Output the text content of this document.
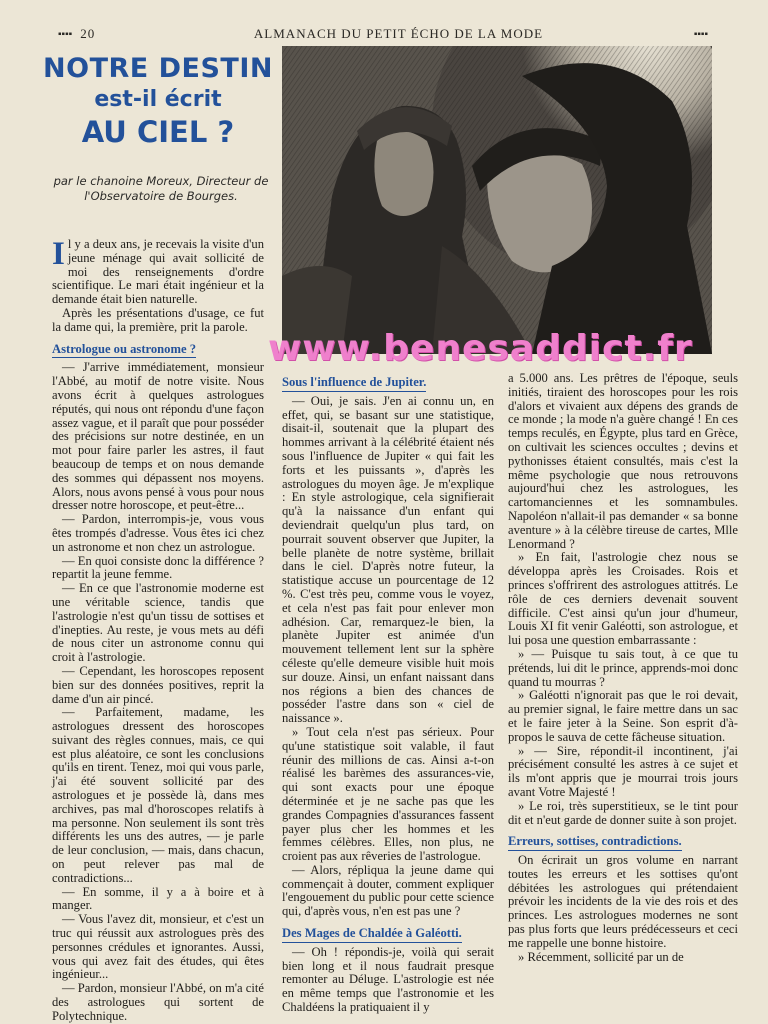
▪▪▪▪ 20	ALMANACH DU PETIT ÉCHO DE LA MODE	▪▪▪▪
NOTRE DESTIN
est-il écrit
AU CIEL ?
par le chanoine Moreux, Directeur de l'Observatoire de Bourges.

Il y a deux ans, je recevais la visite d'un jeune ménage qui avait sollicité de moi des renseignements d'ordre scientifique. Le mari était ingénieur et la demande était bien naturelle.

Après les présentations d'usage, ce fut la dame qui, la première, prit la parole.

Astrologue ou astronome ?

— J'arrive immédiatement, monsieur l'Abbé, au motif de notre visite. Nous avons écrit à quelques astrologues réputés, qui nous ont répondu d'une façon assez vague, et il paraît que pour posséder des précisions sur notre destinée, en un mot pour faire parler les astres, il faut beaucoup de temps et on nous demande des sommes qui dépassent nos moyens. Alors, nous avons pensé à vous pour nous dresser notre horoscope, et peut-être...

— Pardon, interrompis-je, vous vous êtes trompés d'adresse. Vous êtes ici chez un astronome et non chez un astrologue.

— En quoi consiste donc la différence ? repartit la jeune femme.

— En ce que l'astronomie moderne est une véritable science, tandis que l'astrologie n'est qu'un tissu de sottises et d'inepties. Au reste, je vous mets au défi de nous citer un astronome connu qui croit à l'astrologie.

— Cependant, les horoscopes reposent bien sur des données positives, reprit la dame d'un air pincé.

— Parfaitement, madame, les astrologues dressent des horoscopes suivant des règles connues, mais, ce qui est plus aléatoire, ce sont les conclusions qu'ils en tirent. Tenez, moi qui vous parle, j'ai été souvent sollicité par des astrologues et je possède là, dans mes archives, pas mal d'horoscopes relatifs à ma personne. Non seulement ils sont très différents les uns des autres, — je parle de leur conclusion, — mais, dans chacun, on peut relever pas mal de contradictions...

— En somme, il y a à boire et à manger.

— Vous l'avez dit, monsieur, et c'est un truc qui réussit aux astrologues près des personnes crédules et ignorantes. Aussi, vous qui avez fait des études, qui êtes ingénieur...

— Pardon, monsieur l'Abbé, on m'a cité des astrologues qui sortent de Polytechnique.

Sous l'influence de Jupiter.

— Oui, je sais. J'en ai connu un, en effet, qui, se basant sur une statistique, disait-il, soutenait que la plupart des hommes arrivant à la célébrité étaient nés sous l'influence de Jupiter « qui fait les forts et les puissants », d'après les astrologues du moyen âge. Je m'explique : En style astrologique, cela signifierait qu'à la naissance d'un enfant qui deviendrait quelqu'un plus tard, on pourrait souvent observer que Jupiter, la belle planète de notre système, brillait dans le ciel. D'après notre futeur, la statistique accuse un pourcentage de 12 %. C'est très peu, comme vous le voyez, et cela n'est pas fait pour enlever mon adhésion. Car, remarquez-le bien, la planète Jupiter est animée d'un mouvement tellement lent sur la sphère céleste qu'elle demeure visible huit mois sur douze. Ainsi, un enfant naissant dans nos régions a bien des chances de posséder l'astre dans son « ciel de naissance ».

» Tout cela n'est pas sérieux. Pour qu'une statistique soit valable, il faut réunir des millions de cas. Ainsi a-t-on réalisé les barèmes des assurances-vie, qui sont exacts pour une époque déterminée et je ne sache pas que les grandes Compagnies d'assurances fassent payer plus cher les hommes et les femmes célèbres. Elles, non plus, ne croient pas aux rêveries de l'astrologue.

— Alors, répliqua la jeune dame qui commençait à douter, comment expliquer l'engouement du public pour cette science qui, d'après vous, n'en est pas une ?

Des Mages de Chaldée à Galéotti.

— Oh ! répondis-je, voilà qui serait bien long et il nous faudrait presque remonter au Déluge. L'astrologie est née en même temps que l'astronomie et les Chaldéens la pratiquaient il y

a 5.000 ans. Les prêtres de l'époque, seuls initiés, tiraient des horoscopes pour les rois d'alors et vivaient aux dépens des grands de ce monde ; la mode n'a guère changé ! En ces temps reculés, en Égypte, plus tard en Grèce, on cultivait les sciences occultes ; devins et pythonisses étaient consultés, mais c'est la même psychologie que nous retrouvons aujourd'hui chez les astrologues, les cartomanciennes et les somnambules. Napoléon n'allait-il pas demander « sa bonne aventure » à la célèbre tireuse de cartes, Mlle Lenormand ?

» En fait, l'astrologie chez nous se développa après les Croisades. Rois et princes s'offrirent des astrologues attitrés. Le rôle de ces derniers devenait souvent difficile. C'est ainsi qu'un jour d'humeur, Louis XI fit venir Galéotti, son astrologue, et lui posa une question embarrassante :

» — Puisque tu sais tout, à ce que tu prétends, lui dit le prince, apprends-moi donc quand tu mourras ?

» Galéotti n'ignorait pas que le roi devait, au premier signal, le faire mettre dans un sac et le faire jeter à la Seine. Son esprit d'à-propos le sauva de cette fâcheuse situation.

» — Sire, répondit-il incontinent, j'ai précisément consulté les astres à ce sujet et ils m'ont appris que je mourrai trois jours avant Votre Majesté !

» Le roi, très superstitieux, se le tint pour dit et n'eut garde de donner suite à son projet.

Erreurs, sottises, contradictions.

On écrirait un gros volume en narrant toutes les erreurs et les sottises qu'ont débitées les astrologues qui prétendaient prévoir les incidents de la vie des rois et des princes. Les astrologues modernes ne sont pas plus forts que leurs prédécesseurs et ceci me rappelle une bonne histoire.

» Récemment, sollicité par un de

www.benesaddict.fr
